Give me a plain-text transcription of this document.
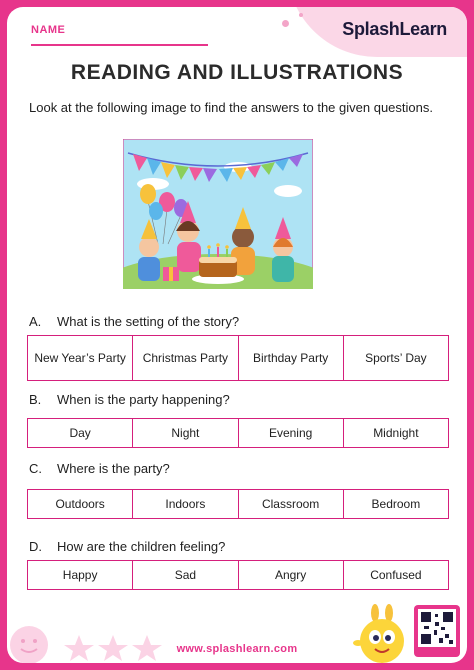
NAME	SplashLearn
READING AND ILLUSTRATIONS

Look at the following image to find the answers to the given questions.

A. What is the setting of the story?
New Year’s Party	Christmas Party	Birthday Party	Sports’ Day
B. When is the party happening?
Day	Night	Evening	Midnight
C. Where is the party?
Outdoors	Indoors	Classroom	Bedroom
D. How are the children feeling?
Happy	Sad	Angry	Confused
www.splashlearn.com
